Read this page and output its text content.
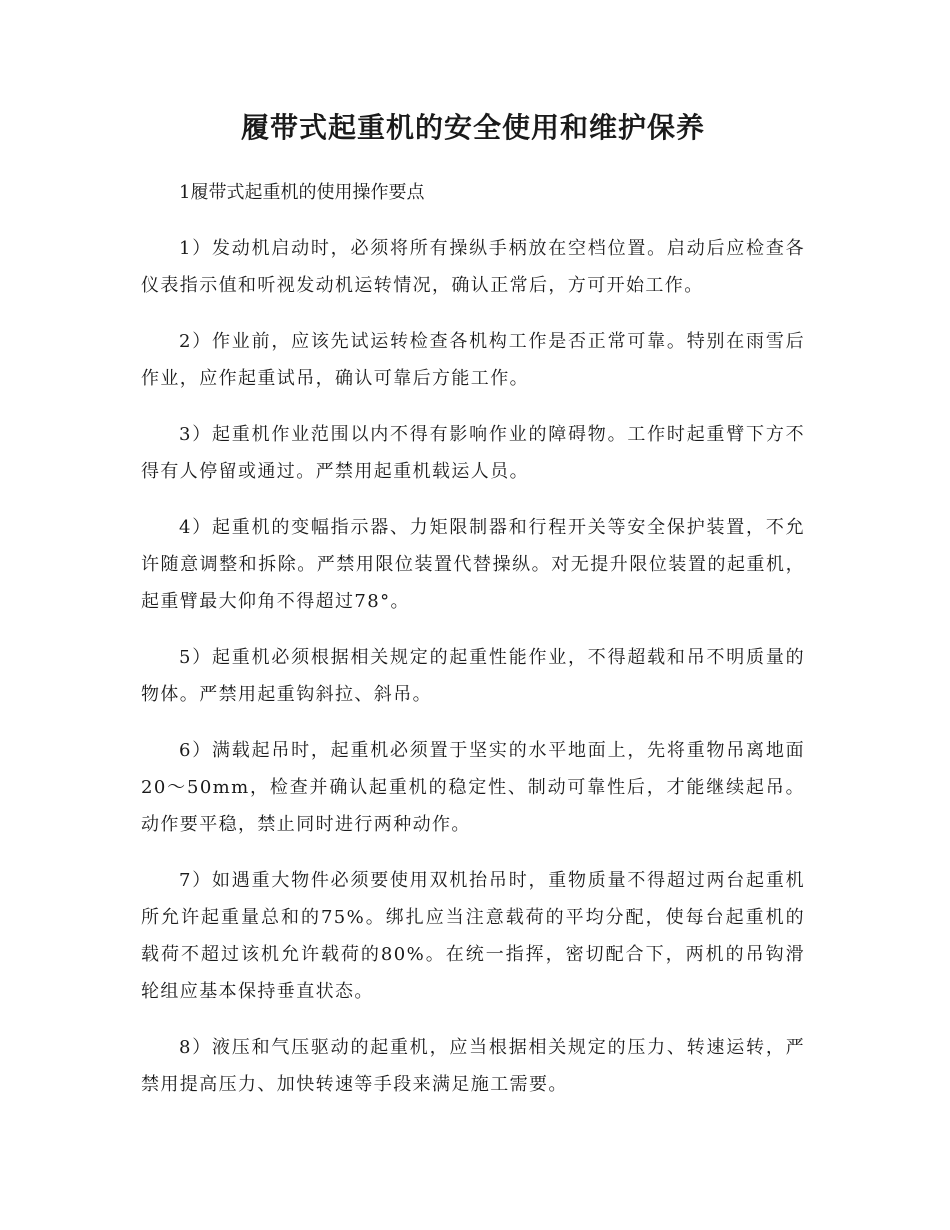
履带式起重机的安全使用和维护保养

1履带式起重机的使用操作要点

1）发动机启动时，必须将所有操纵手柄放在空档位置。启动后应检查各仪表指示值和听视发动机运转情况，确认正常后，方可开始工作。

2）作业前，应该先试运转检查各机构工作是否正常可靠。特别在雨雪后作业，应作起重试吊，确认可靠后方能工作。

3）起重机作业范围以内不得有影响作业的障碍物。工作时起重臂下方不得有人停留或通过。严禁用起重机载运人员。

4）起重机的变幅指示器、力矩限制器和行程开关等安全保护装置，不允许随意调整和拆除。严禁用限位装置代替操纵。对无提升限位装置的起重机，起重臂最大仰角不得超过78°。

5）起重机必须根据相关规定的起重性能作业，不得超载和吊不明质量的物体。严禁用起重钩斜拉、斜吊。

6）满载起吊时，起重机必须置于坚实的水平地面上，先将重物吊离地面20～50mm，检查并确认起重机的稳定性、制动可靠性后，才能继续起吊。动作要平稳，禁止同时进行两种动作。

7）如遇重大物件必须要使用双机抬吊时，重物质量不得超过两台起重机所允许起重量总和的75%。绑扎应当注意载荷的平均分配，使每台起重机的载荷不超过该机允许载荷的80%。在统一指挥，密切配合下，两机的吊钩滑轮组应基本保持垂直状态。

8）液压和气压驱动的起重机，应当根据相关规定的压力、转速运转，严禁用提高压力、加快转速等手段来满足施工需要。
